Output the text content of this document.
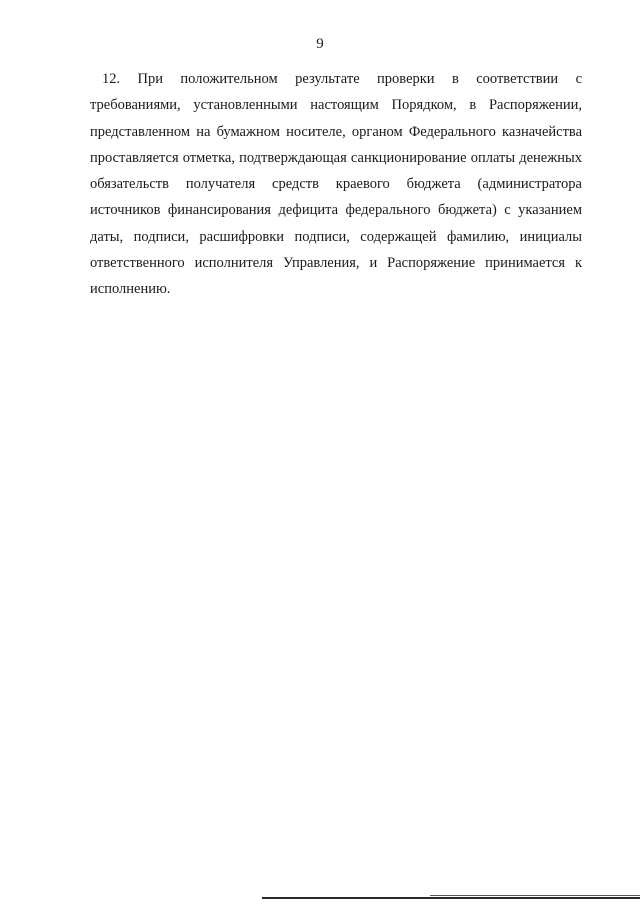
9
12. При положительном результате проверки в соответствии с
требованиями, установленными настоящим Порядком, в Распоряжении,
представленном на бумажном носителе, органом Федерального казначейства
проставляется отметка, подтверждающая санкционирование оплаты денежных
обязательств получателя средств краевого бюджета (администратора
источников финансирования дефицита федерального бюджета) с указанием
даты, подписи, расшифровки подписи, содержащей фамилию, инициалы
ответственного исполнителя Управления, и Распоряжение принимается к
исполнению.
